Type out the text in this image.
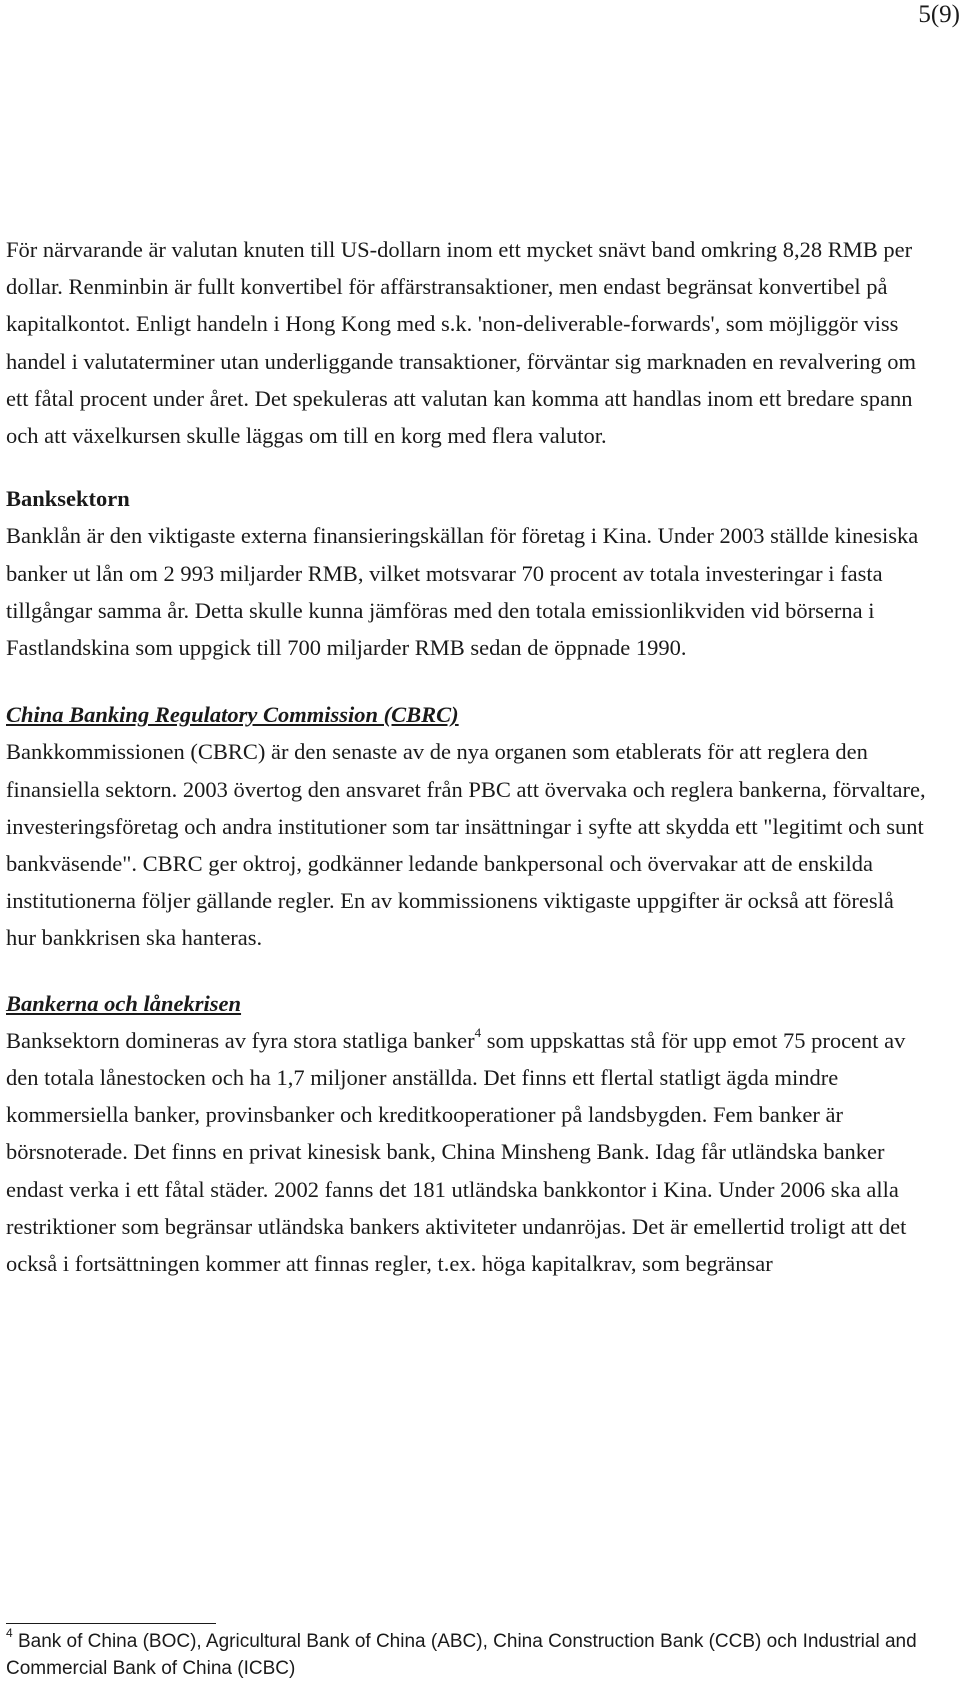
5(9)

För närvarande är valutan knuten till US-dollarn inom ett mycket snävt band omkring 8,28 RMB per dollar. Renminbin är fullt konvertibel för affärstransaktioner, men endast begränsat konvertibel på kapitalkontot. Enligt handeln i Hong Kong med s.k. 'non-deliverable-forwards', som möjliggör viss handel i valutaterminer utan underliggande transaktioner, förväntar sig marknaden en revalvering om ett fåtal procent under året. Det spekuleras att valutan kan komma att handlas inom ett bredare spann och att växelkursen skulle läggas om till en korg med flera valutor.

Banksektorn

Banklån är den viktigaste externa finansieringskällan för företag i Kina. Under 2003 ställde kinesiska banker ut lån om 2 993 miljarder RMB, vilket motsvarar 70 procent av totala investeringar i fasta tillgångar samma år. Detta skulle kunna jämföras med den totala emissionlikviden vid börserna i Fastlandskina som uppgick till 700 miljarder RMB sedan de öppnade 1990.

China Banking Regulatory Commission (CBRC)

Bankkommissionen (CBRC) är den senaste av de nya organen som etablerats för att reglera den finansiella sektorn. 2003 övertog den ansvaret från PBC att övervaka och reglera bankerna, förvaltare, investeringsföretag och andra institutioner som tar insättningar i syfte att skydda ett "legitimt och sunt bankväsende". CBRC ger oktroj, godkänner ledande bankpersonal och övervakar att de enskilda institutionerna följer gällande regler. En av kommissionens viktigaste uppgifter är också att föreslå hur bankkrisen ska hanteras.

Bankerna och lånekrisen

Banksektorn domineras av fyra stora statliga banker$^4$ som uppskattas stå för upp emot 75 procent av den totala lånestocken och ha 1,7 miljoner anställda. Det finns ett flertal statligt ägda mindre kommersiella banker, provinsbanker och kreditkooperationer på landsbygden. Fem banker är börsnoterade. Det finns en privat kinesisk bank, China Minsheng Bank. Idag får utländska banker endast verka i ett fåtal städer. 2002 fanns det 181 utländska bankkontor i Kina. Under 2006 ska alla restriktioner som begränsar utländska bankers aktiviteter undanröjas. Det är emellertid troligt att det också i fortsättningen kommer att finnas regler, t.ex. höga kapitalkrav, som begränsar

$^4$ Bank of China (BOC), Agricultural Bank of China (ABC), China Construction Bank (CCB) och Industrial and Commercial Bank of China (ICBC)
